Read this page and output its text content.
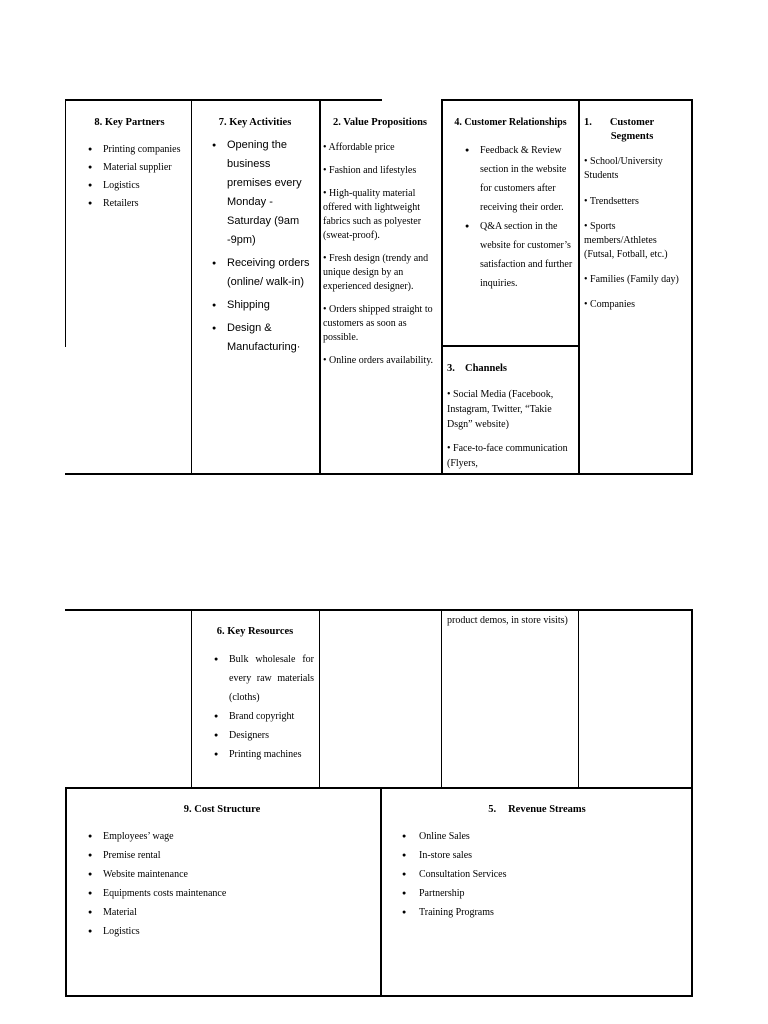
8. Key Partners
● Printing companies
● Material supplier
● Logistics
● Retailers
7. Key Activities
● Opening the business premises every Monday - Saturday (9am -9pm)
● Receiving orders (online/ walk-in)
● Shipping
● Design & Manufacturing·
2. Value Propositions
• Affordable price
• Fashion and lifestyles
• High-quality material offered with lightweight fabrics such as polyester (sweat-proof).
• Fresh design (trendy and unique design by an experienced designer).
• Orders shipped straight to customers as soon as possible.
• Online orders availability.
4. Customer Relationships
● Feedback & Review section in the website for customers after receiving their order.
● Q&A section in the website for customer’s satisfaction and further inquiries.
1.	Customer Segments
• School/University Students
• Trendsetters
• Sports members/Athletes (Futsal, Fotball, etc.)
• Families (Family day)
• Companies
3. Channels
• Social Media (Facebook, Instagram, Twitter, “Takie Dsgn” website)
• Face-to-face communication (Flyers,
product demos, in store visits)
6. Key Resources
● Bulk wholesale for every raw materials (cloths)
● Brand copyright
● Designers
● Printing machines
9. Cost Structure
● Employees’ wage
● Premise rental
● Website maintenance
● Equipments costs maintenance
● Material
● Logistics
5. Revenue Streams
● Online Sales
● In-store sales
● Consultation Services
● Partnership
● Training Programs
